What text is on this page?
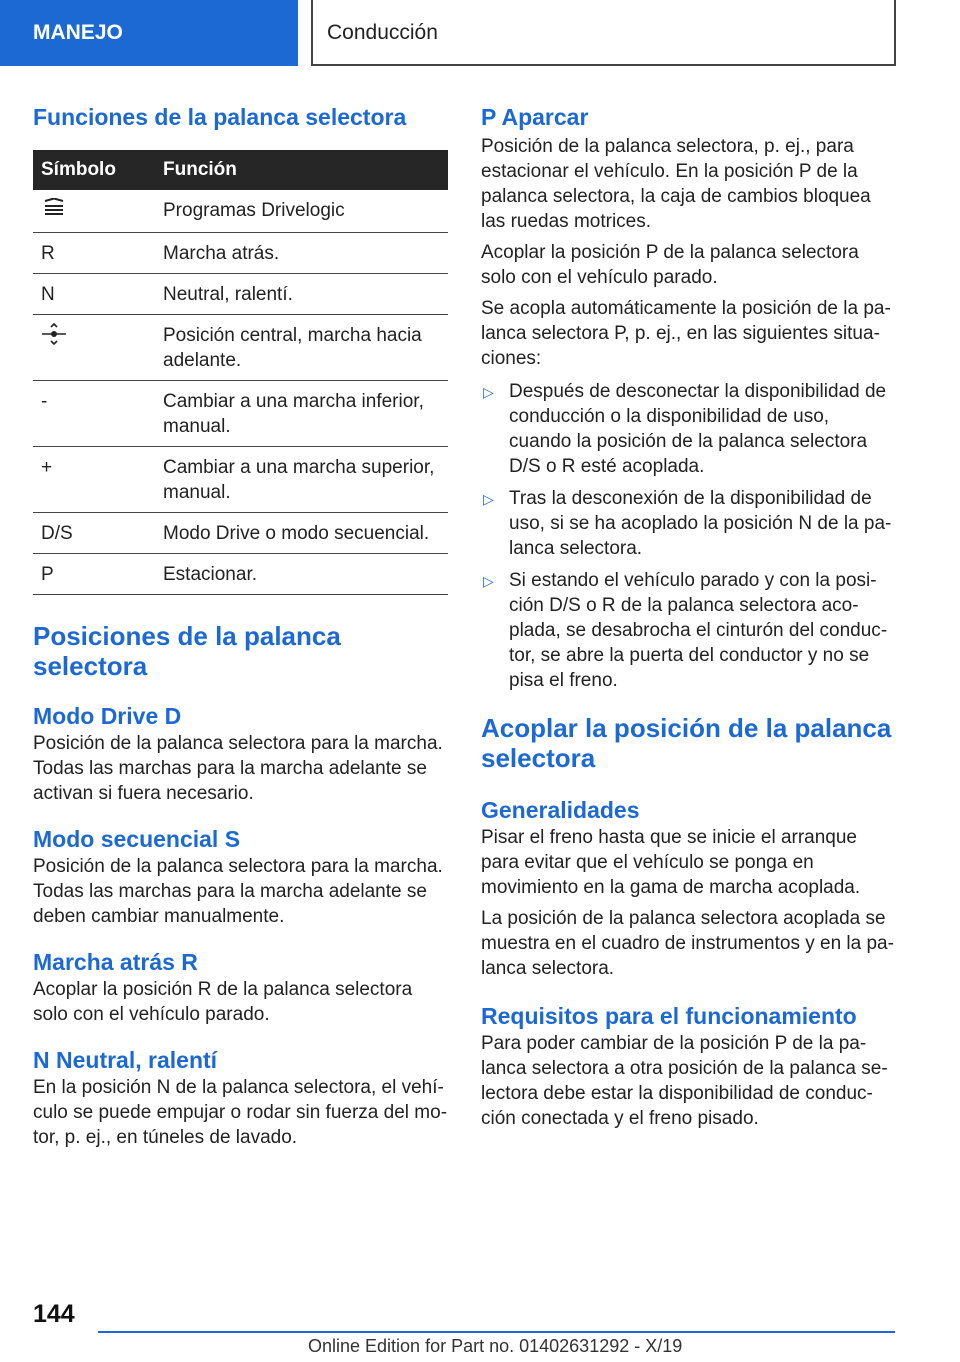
MANEJO	Conducción
Funciones de la palanca selectora
Símbolo	Función
	Programas Drivelogic
R	Marcha atrás.
N	Neutral, ralentí.
	Posición central, marcha hacia adelante.
-	Cambiar a una marcha inferior, manual.
+	Cambiar a una marcha superior, manual.
D/S	Modo Drive o modo secuencial.
P	Estacionar.
Posiciones de la palanca selectora
Modo Drive D

Posición de la palanca selectora para la marcha. Todas las marchas para la marcha adelante se activan si fuera necesario.

Modo secuencial S

Posición de la palanca selectora para la marcha. Todas las marchas para la marcha adelante se deben cambiar manualmente.

Marcha atrás R

Acoplar la posición R de la palanca selectora solo con el vehículo parado.

N Neutral, ralentí

En la posición N de la palanca selectora, el vehículo se puede empujar o rodar sin fuerza del motor, p. ej., en túneles de lavado.

P Aparcar

Posición de la palanca selectora, p. ej., para estacionar el vehículo. En la posición P de la palanca selectora, la caja de cambios bloquea las ruedas motrices.

Acoplar la posición P de la palanca selectora solo con el vehículo parado.

Se acopla automáticamente la posición de la palanca selectora P, p. ej., en las siguientes situaciones:

▷ Después de desconectar la disponibilidad de conducción o la disponibilidad de uso, cuando la posición de la palanca selectora D/S o R esté acoplada.
▷ Tras la desconexión de la disponibilidad de uso, si se ha acoplado la posición N de la palanca selectora.
▷ Si estando el vehículo parado y con la posición D/S o R de la palanca selectora acoplada, se desabrocha el cinturón del conductor, se abre la puerta del conductor y no se pisa el freno.
Acoplar la posición de la palanca selectora
Generalidades

Pisar el freno hasta que se inicie el arranque para evitar que el vehículo se ponga en movimiento en la gama de marcha acoplada.

La posición de la palanca selectora acoplada se muestra en el cuadro de instrumentos y en la palanca selectora.

Requisitos para el funcionamiento

Para poder cambiar de la posición P de la palanca selectora a otra posición de la palanca selectora debe estar la disponibilidad de conducción conectada y el freno pisado.

144
Online Edition for Part no. 01402631292 - X/19
